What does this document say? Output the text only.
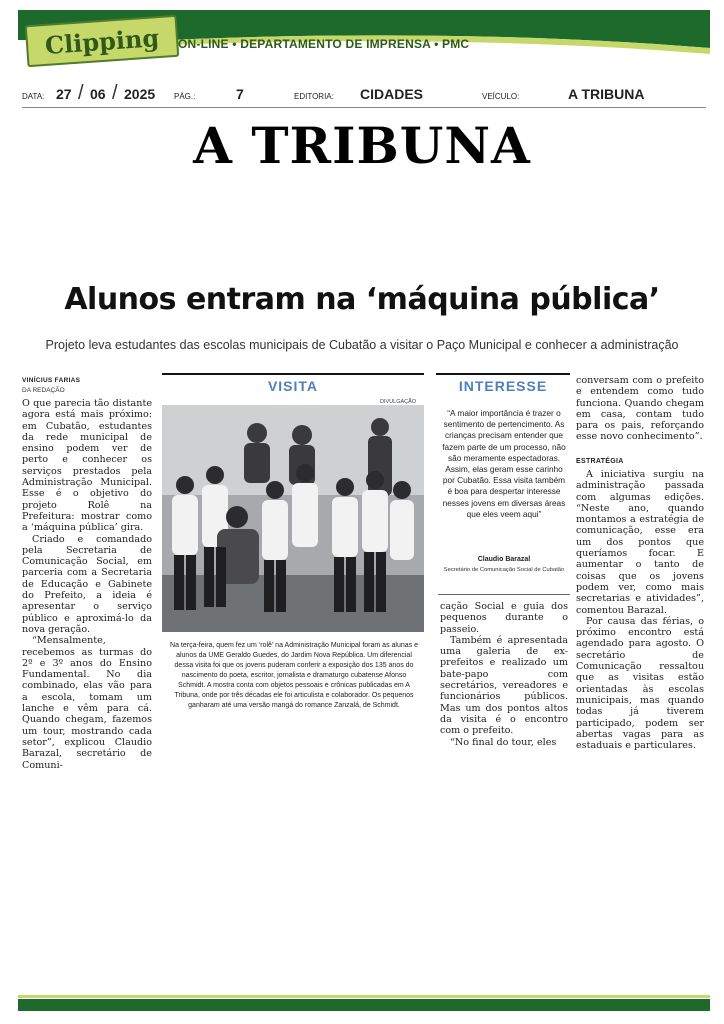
Clipping ON-LINE • DEPARTAMENTO DE IMPRENSA • PMC
DATA: 27 / 06 / 2025 PÁG.:	7	EDITORIA: CIDADES	VEÍCULO:	A TRIBUNA
A TRIBUNA
Alunos entram na ‘máquina pública’
Projeto leva estudantes das escolas municipais de Cubatão a visitar o Paço Municipal e conhecer a administração
VINÍCIUS FARIAS
DA REDAÇÃO

O que parecia tão distante agora está mais próximo: em Cubatão, estudantes da rede municipal de ensino podem ver de perto e conhecer os serviços prestados pela Administração Municipal. Esse é o objetivo do projeto Rolê na Prefeitura: mostrar como a ‘máquina pública’ gira.

Criado e comandado pela Secretaria de Comunicação Social, em parceria com a Secretaria de Educação e Gabinete do Prefeito, a ideia é apresentar o serviço público e aproximá-lo da nova geração.

“Mensalmente, recebemos as turmas do 2º e 3º anos do Ensino Fundamental. No dia combinado, elas vão para a escola, tomam um lanche e vêm para cá. Quando chegam, fazemos um tour, mostrando cada setor”, explicou Claudio Barazal, secretário de Comuni-

VISITA
DIVULGAÇÃO
Na terça-feira, quem fez um ‘rolê’ na Administração Municipal foram as alunas e alunos da UME Geraldo Guedes, do Jardim Nova República. Um diferencial dessa visita foi que os jovens puderam conferir a exposição dos 135 anos do nascimento do poeta, escritor, jornalista e dramaturgo cubatense Afonso Schmidt. A mostra conta com objetos pessoais e crônicas publicadas em A Tribuna, onde por três décadas ele foi articulista e colaborador. Os pequenos ganharam até uma versão mangá do romance Zanzalá, de Schmidt.
INTERESSE
“A maior importância é trazer o sentimento de pertencimento. As crianças precisam entender que fazem parte de um processo, não são meramente espectadoras. Assim, elas geram esse carinho por Cubatão. Essa visita também é boa para despertar interesse nesses jovens em diversas áreas que eles veem aqui”
Claudio Barazal
Secretário de Comunicação Social de Cubatão

cação Social e guia dos pequenos durante o passeio.

Também é apresentada uma galeria de ex-prefeitos e realizado um bate-papo com secretários, vereadores e funcionários públicos. Mas um dos pontos altos da visita é o encontro com o prefeito.

“No final do tour, eles

conversam com o prefeito e entendem como tudo funciona. Quando chegam em casa, contam tudo para os pais, reforçando esse novo conhecimento”.

ESTRATÉGIA

A iniciativa surgiu na administração passada com algumas edições. “Neste ano, quando montamos a estratégia de comunicação, esse era um dos pontos que queríamos focar. E aumentar o tanto de coisas que os jovens podem ver, como mais secretarias e atividades”, comentou Barazal.

Por causa das férias, o próximo encontro está agendado para agosto. O secretário de Comunicação ressaltou que as visitas estão orientadas às escolas municipais, mas quando todas já tiverem participado, podem ser abertas vagas para as estaduais e particulares.
